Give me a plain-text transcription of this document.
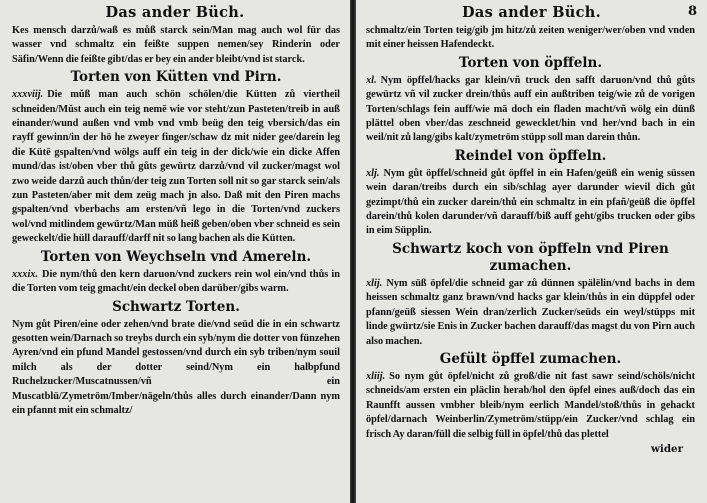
Das ander Büch.

Kes mensch darzů/waß es můß starck sein/Man mag auch wol für das wasser vnd schmaltz ein feißte suppen nemen/sey Rinderin oder Säfin/Wenn die feißte gibt/das er bey ein ander bleibt/vnd ist starck.

Torten von Kütten vnd Pirn.

xxxviij. Die mǔß man auch schön schölen/die Kütten zů viertheil schneiden/Mǔst auch ein teig nemē wie vor steht/zun Pasteten/treib in auß einander/wund außen vnd vmb vnd vmb beüg den teig vbersich/das ein rayff gewinn/in der hö he zweyer finger/schaw dz mit nider gee/darein leg die Kütē gspalten/vnd wölgs auff ein teig in der dick/wie ein dicke Affen mund/das ist/oben vber thů gůts gewürtz darzů/vnd vil zucker/magst wol zwo weide darzů auch thůn/der teig zun Torten soll nit so gar starck sein/als zun Pasteten/aber mit dem zeüg mach jn also. Daß mit den Piren machs gspalten/vnd vberbachs am ersten/vñ lego in die Torten/vnd zuckers wol/vnd mitlindem gewürtz/Man müß heiß geben/oben vber schneid es sein geweckelt/die hüll darauff/darff nit so lang bachen als die Kütten.

Torten von Weychseln vnd Amereln.

xxxix. Die nym/thů den kern daruon/vnd zuckers rein wol ein/vnd thůs in die Torten vom teig gmacht/ein deckel oben darüber/gibs warm.

Schwartz Torten.

Nym gůt Piren/eine oder zehen/vnd brate die/vnd seüd die in ein schwartz gesotten wein/Darnach so treybs durch ein syb/nym die dotter von fünzehen Ayren/vnd ein pfund Mandel gestossen/vnd durch ein syb triben/nym souil milch als der dotter seind/Nym ein halbpfund Ruchelzucker/Muscatnussen/vñ ein Muscatblü/Zymetröm/Imber/nägeln/thůs alles durch einander/Dann nym ein pfannt mit ein schmaltz/

Das ander Büch.	8

schmaltz/ein Torten teig/gib jm hitz/zů zeiten weniger/wer/oben vnd vnden mit einer heissen Hafendeckt.

Torten von öpffeln.

xl. Nym öpffel/hacks gar klein/vñ truck den safft daruon/vnd thů gůts gewürtz vñ vil zucker drein/thůs auff ein außtriben teig/wie zů de vorigen Torten/schlags fein auff/wie mā doch ein fladen macht/vñ wölg ein dünß plättel oben vber/das zeschneid gewecklet/hin vnd her/vnd bach in ein weil/nit zů lang/gibs kalt/zymetröm stüpp soll man darein thůn.

Reindel von öpffeln.

xlj. Nym gůt öpffel/schneid gůt öpffel in ein Hafen/geüß ein wenig süssen wein daran/treibs durch ein sib/schlag ayer darunder wievil dich gůt gezimpt/thů ein zucker darein/thů ein schmaltz in ein pfañ/geüß die öpffel darein/thů kolen darunder/vñ darauff/biß auff geht/gibs trucken oder gibs in eim Süpplin.

Schwartz koch von öpffeln vnd Piren zumachen.

xlij. Nym süß öpfel/die schneid gar zů dünnen spälëlin/vnd bachs in dem heissen schmaltz ganz brawn/vnd hacks gar klein/thůs in ein düppfel oder pfann/geüß siessen Wein dran/zerlich Zucker/seüds ein weyl/stüpps mit linde gwürtz/sie Enis in Zucker bachen darauff/das magst du von Pirn auch also machen.

Gefült öpffel zumachen.

xliij. So nym gůt öpfel/nicht zů groß/die nit fast sawr seind/schöls/nicht schneids/am ersten ein pläclin herab/hol den öpfel eines auß/doch das ein Raunfft aussen vmbher bleib/nym eerlich Mandel/stoß/thůs in gehackt öpfel/darnach Weinberlin/Zymetröm/stüpp/ein Zucker/vnd schlag ein frisch Ay daran/füll die selbig füll in öpfel/thů das plettel

wider
